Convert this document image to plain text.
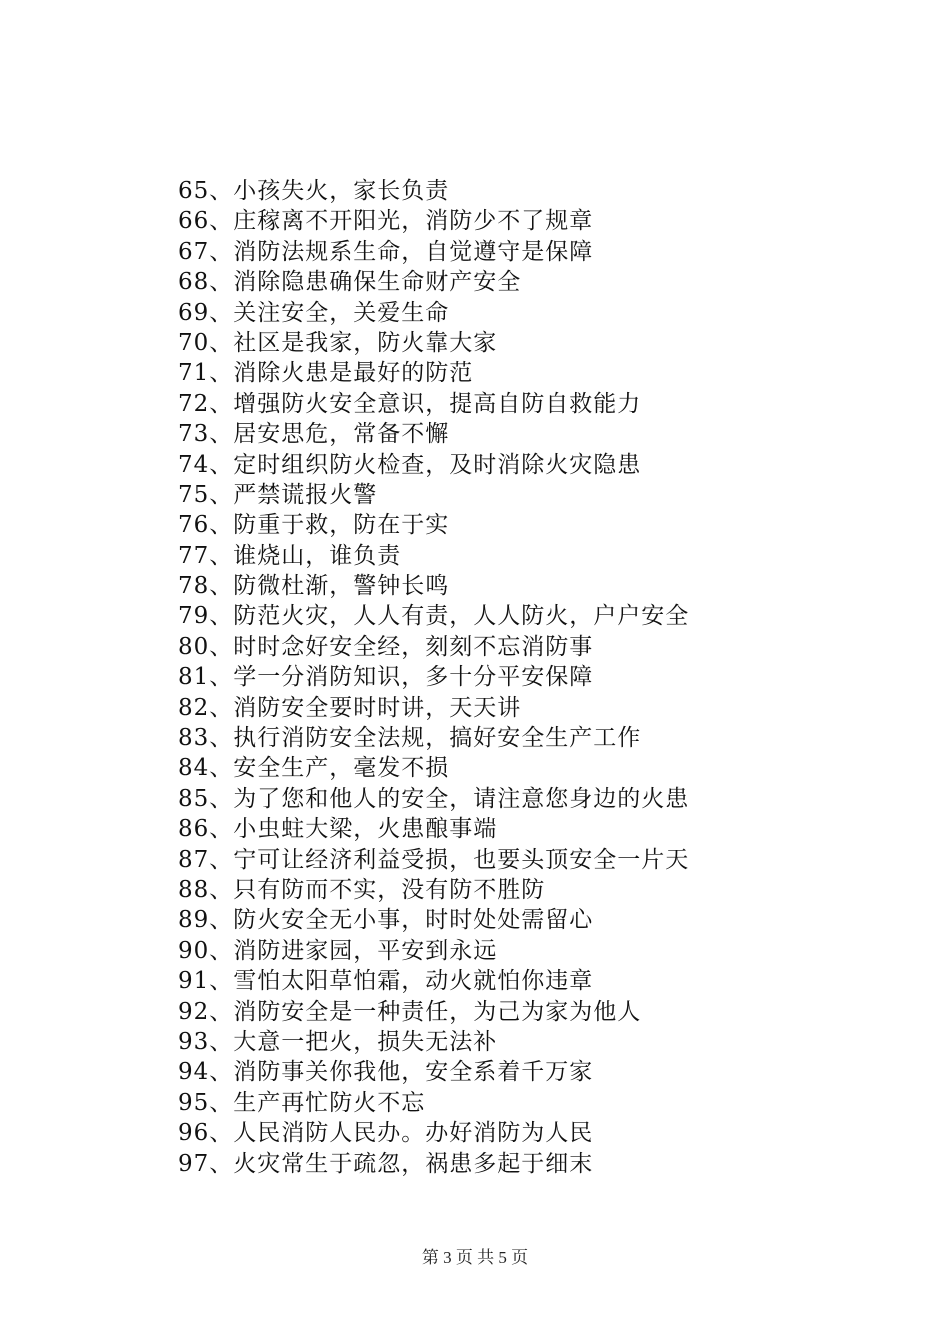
65、小孩失火，家长负责
66、庄稼离不开阳光，消防少不了规章
67、消防法规系生命，自觉遵守是保障
68、消除隐患确保生命财产安全
69、关注安全，关爱生命
70、社区是我家，防火靠大家
71、消除火患是最好的防范
72、增强防火安全意识，提高自防自救能力
73、居安思危，常备不懈
74、定时组织防火检查，及时消除火灾隐患
75、严禁谎报火警
76、防重于救，防在于实
77、谁烧山，谁负责
78、防微杜渐，警钟长鸣
79、防范火灾，人人有责，人人防火，户户安全
80、时时念好安全经，刻刻不忘消防事
81、学一分消防知识，多十分平安保障
82、消防安全要时时讲，天天讲
83、执行消防安全法规，搞好安全生产工作
84、安全生产，毫发不损
85、为了您和他人的安全，请注意您身边的火患
86、小虫蛀大梁，火患酿事端
87、宁可让经济利益受损，也要头顶安全一片天
88、只有防而不实，没有防不胜防
89、防火安全无小事，时时处处需留心
90、消防进家园，平安到永远
91、雪怕太阳草怕霜，动火就怕你违章
92、消防安全是一种责任，为己为家为他人
93、大意一把火，损失无法补
94、消防事关你我他，安全系着千万家
95、生产再忙防火不忘
96、人民消防人民办。办好消防为人民
97、火灾常生于疏忽，祸患多起于细末
第 3 页 共 5 页
